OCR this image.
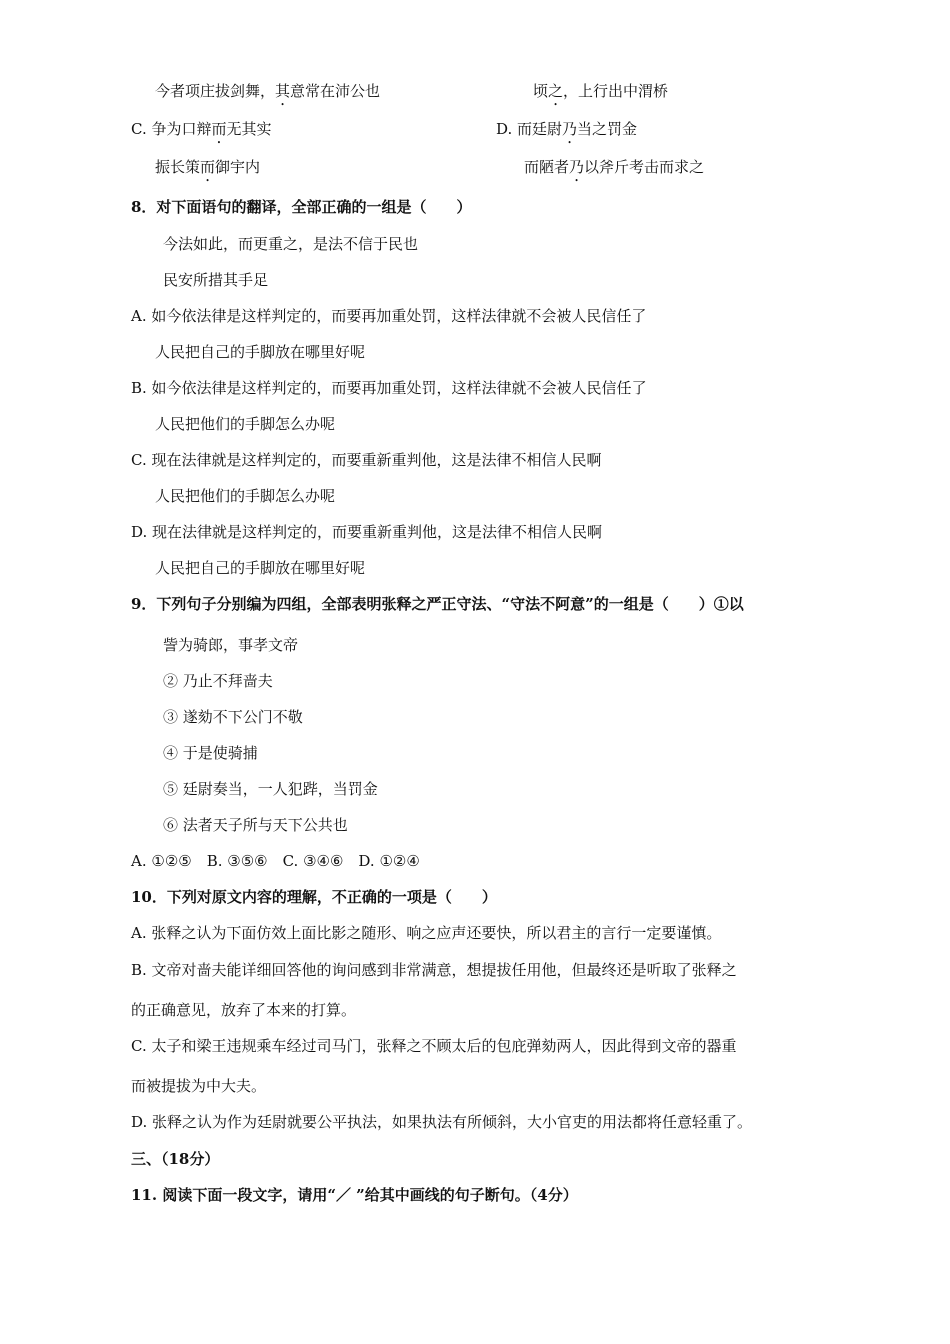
今者项庄拔剑舞，其意常在沛公也	顷之，上行出中渭桥
C. 争为口辩而无其实	D. 而廷尉乃当之罚金
振长策而御宇内	而陋者乃以斧斤考击而求之
8．对下面语句的翻译，全部正确的一组是（　　）
今法如此，而更重之，是法不信于民也
民安所措其手足
A. 如今依法律是这样判定的，而要再加重处罚，这样法律就不会被人民信任了
人民把自己的手脚放在哪里好呢
B. 如今依法律是这样判定的，而要再加重处罚，这样法律就不会被人民信任了
人民把他们的手脚怎么办呢
C. 现在法律就是这样判定的，而要重新重判他，这是法律不相信人民啊
人民把他们的手脚怎么办呢
D. 现在法律就是这样判定的，而要重新重判他，这是法律不相信人民啊
人民把自己的手脚放在哪里好呢
9．下列句子分别编为四组，全部表明张释之严正守法、“守法不阿意”的一组是（　　）①以
訾为骑郎，事孝文帝
② 乃止不拜啬夫
③ 遂劾不下公门不敬
④ 于是使骑捕
⑤ 廷尉奏当，一人犯跸，当罚金
⑥ 法者天子所与天下公共也
A. ①②⑤　B. ③⑤⑥　C. ③④⑥　D. ①②④
10．下列对原文内容的理解，不正确的一项是（　　）
A. 张释之认为下面仿效上面比影之随形、响之应声还要快，所以君主的言行一定要谨慎。
B. 文帝对啬夫能详细回答他的询问感到非常满意，想提拔任用他，但最终还是听取了张释之
的正确意见，放弃了本来的打算。
C. 太子和梁王违规乘车经过司马门，张释之不顾太后的包庇弹劾两人，因此得到文帝的器重
而被提拔为中大夫。
D. 张释之认为作为廷尉就要公平执法，如果执法有所倾斜，大小官吏的用法都将任意轻重了。
三、（18分）
11. 阅读下面一段文字，请用“／ ”给其中画线的句子断句。（4分）
